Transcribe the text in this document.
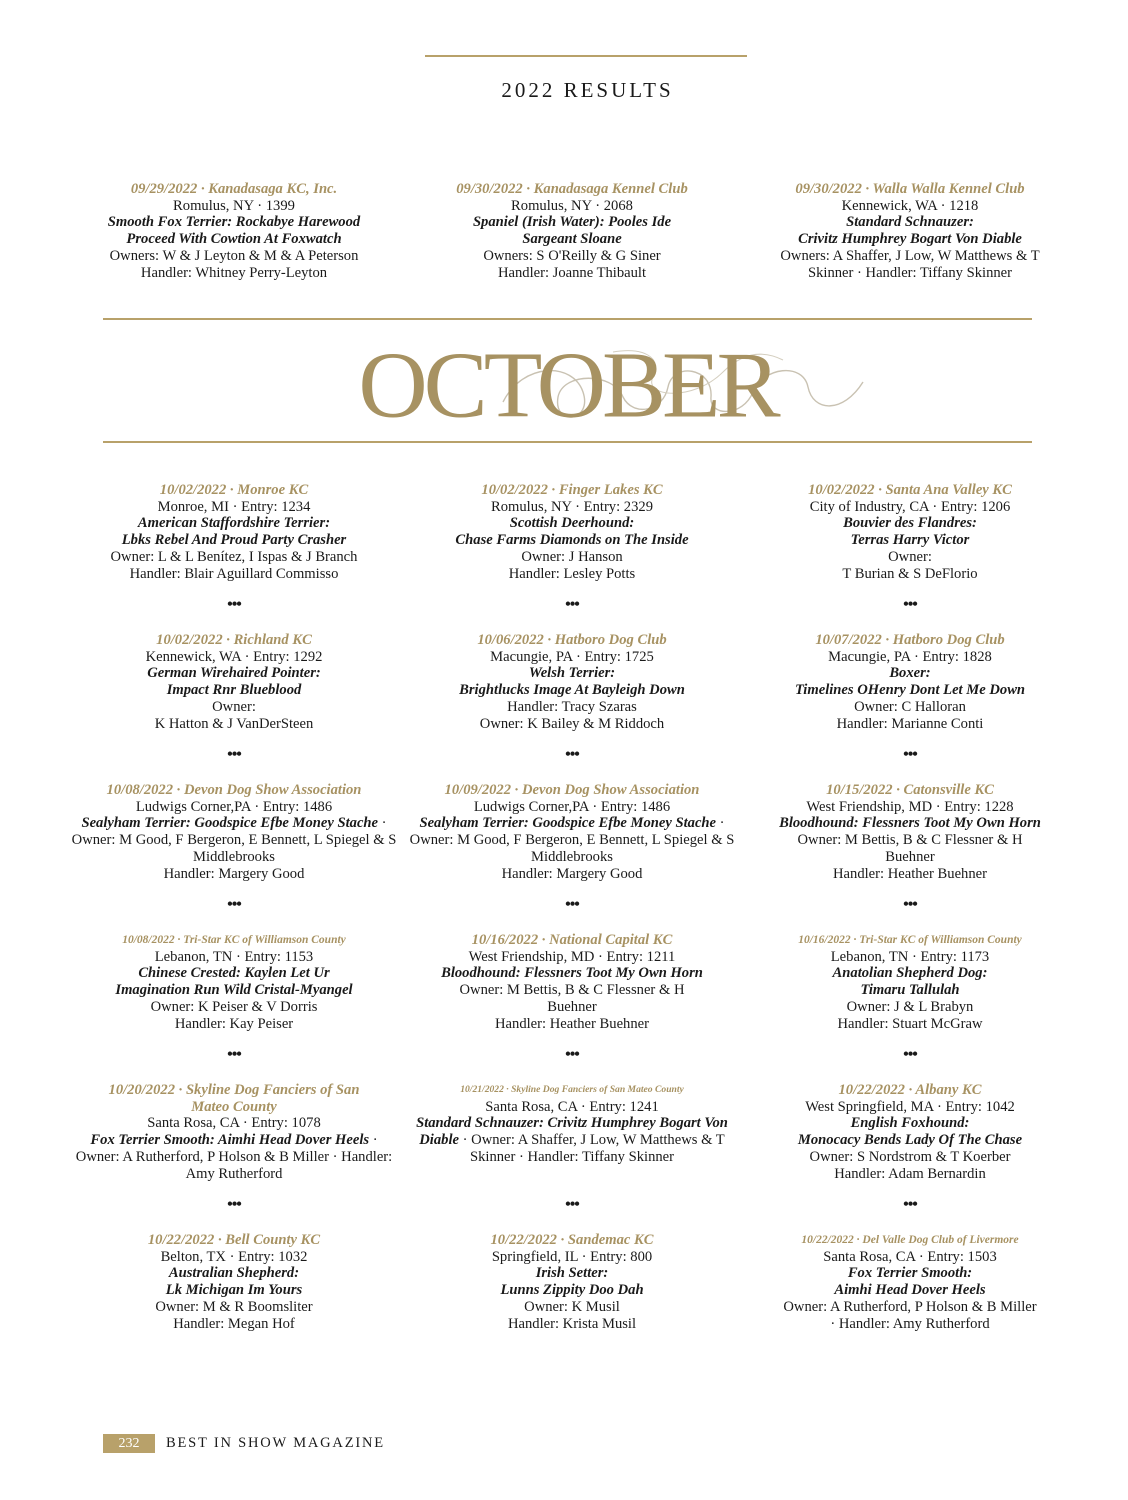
2022 RESULTS
09/29/2022 · Kanadasaga KC, Inc.
Romulus, NY · 1399
Smooth Fox Terrier: Rockabye Harewood Proceed With Cowtion At Foxwatch
Owners: W & J Leyton & M & A Peterson
Handler: Whitney Perry-Leyton
09/30/2022 · Kanadasaga Kennel Club
Romulus, NY · 2068
Spaniel (Irish Water): Pooles Ide Sargeant Sloane
Owners: S O'Reilly & G Siner
Handler: Joanne Thibault
09/30/2022 · Walla Walla Kennel Club
Kennewick, WA · 1218
Standard Schnauzer:
Crivitz Humphrey Bogart Von Diable
Owners: A Shaffer, J Low, W Matthews & T Skinner · Handler: Tiffany Skinner
OCTOBER
10/02/2022 · Monroe KC
Monroe, MI · Entry: 1234
American Staffordshire Terrier:
Lbks Rebel And Proud Party Crasher
Owner: L & L Benítez, I Ispas & J Branch
Handler: Blair Aguillard Commisso
10/02/2022 · Finger Lakes KC
Romulus, NY · Entry: 2329
Scottish Deerhound:
Chase Farms Diamonds on The Inside
Owner: J Hanson
Handler: Lesley Potts
10/02/2022 · Santa Ana Valley KC
City of Industry, CA · Entry: 1206
Bouvier des Flandres:
Terras Harry Victor
Owner:
T Burian & S DeFlorio
•••	•••	•••
10/02/2022 · Richland KC
Kennewick, WA · Entry: 1292
German Wirehaired Pointer:
Impact Rnr Blueblood
Owner:
K Hatton & J VanDerSteen
10/06/2022 · Hatboro Dog Club
Macungie, PA · Entry: 1725
Welsh Terrier:
Brightlucks Image At Bayleigh Down
Handler: Tracy Szaras
Owner: K Bailey & M Riddoch
10/07/2022 · Hatboro Dog Club
Macungie, PA · Entry: 1828
Boxer:
Timelines OHenry Dont Let Me Down
Owner: C Halloran
Handler: Marianne Conti
•••	•••	•••
10/08/2022 · Devon Dog Show Association
Ludwigs Corner,PA · Entry: 1486
Sealyham Terrier: Goodspice Efbe Money Stache · Owner: M Good, F Bergeron, E Bennett, L Spiegel & S Middlebrooks
Handler: Margery Good
10/09/2022 · Devon Dog Show Association
Ludwigs Corner,PA · Entry: 1486
Sealyham Terrier: Goodspice Efbe Money Stache · Owner: M Good, F Bergeron, E Bennett, L Spiegel & S Middlebrooks
Handler: Margery Good
10/15/2022 · Catonsville KC
West Friendship, MD · Entry: 1228
Bloodhound: Flessners Toot My Own Horn
Owner: M Bettis, B & C Flessner & H Buehner
Handler: Heather Buehner
•••	•••	•••
10/08/2022 · Tri-Star KC of Williamson County
Lebanon, TN · Entry: 1153
Chinese Crested: Kaylen Let Ur
Imagination Run Wild Cristal-Myangel
Owner: K Peiser & V Dorris
Handler: Kay Peiser
10/16/2022 · National Capital KC
West Friendship, MD · Entry: 1211
Bloodhound: Flessners Toot My Own Horn
Owner: M Bettis, B & C Flessner & H Buehner
Handler: Heather Buehner
10/16/2022 · Tri-Star KC of Williamson County
Lebanon, TN · Entry: 1173
Anatolian Shepherd Dog:
Timaru Tallulah
Owner: J & L Brabyn
Handler: Stuart McGraw
•••	•••	•••
10/20/2022 · Skyline Dog Fanciers of San Mateo County
Santa Rosa, CA · Entry: 1078
Fox Terrier Smooth: Aimhi Head Dover Heels · Owner: A Rutherford, P Holson & B Miller · Handler: Amy Rutherford
10/21/2022 · Skyline Dog Fanciers of San Mateo County
Santa Rosa, CA · Entry: 1241
Standard Schnauzer: Crivitz Humphrey Bogart Von Diable · Owner: A Shaffer, J Low, W Matthews & T Skinner · Handler: Tiffany Skinner
10/22/2022 · Albany KC
West Springfield, MA · Entry: 1042
English Foxhound:
Monocacy Bends Lady Of The Chase
Owner: S Nordstrom & T Koerber
Handler: Adam Bernardin
•••	•••	•••
10/22/2022 · Bell County KC
Belton, TX · Entry: 1032
Australian Shepherd:
Lk Michigan Im Yours
Owner: M & R Boomsliter
Handler: Megan Hof
10/22/2022 · Sandemac KC
Springfield, IL · Entry: 800
Irish Setter:
Lunns Zippity Doo Dah
Owner: K Musil
Handler: Krista Musil
10/22/2022 · Del Valle Dog Club of Livermore
Santa Rosa, CA · Entry: 1503
Fox Terrier Smooth:
Aimhi Head Dover Heels
Owner: A Rutherford, P Holson & B Miller · Handler: Amy Rutherford
232	BEST IN SHOW MAGAZINE
